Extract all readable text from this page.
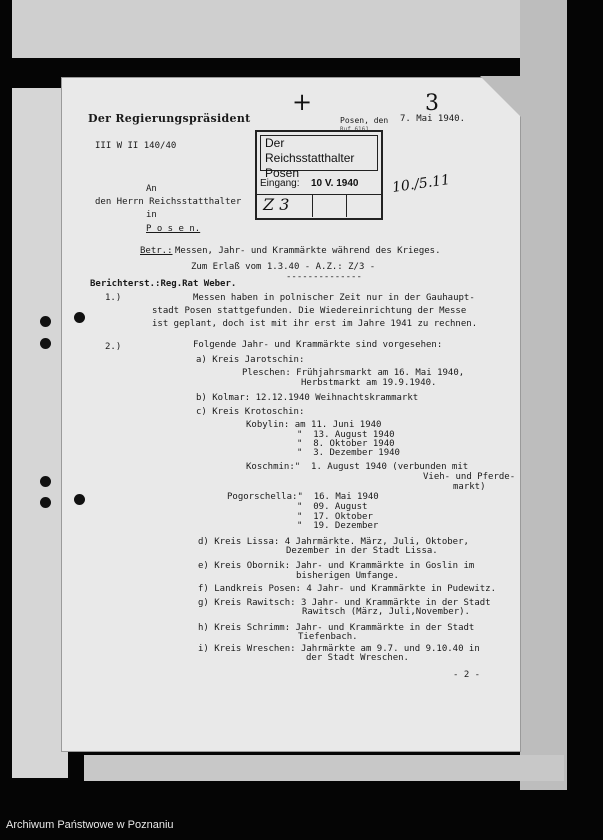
Der Regierungspräsident
III W II 140/40
Posen, den
Ruf 6161
7. Mai 1940.
+	3
10./5.11
Der Reichsstatthalter
Posen
Eingang: 10 V. 1940
Z 3
An
den Herrn Reichsstatthalter
in
P o s e n.
Betr.: Messen, Jahr- und Krammärkte während des Krieges.
Zum Erlaß vom 1.3.40 - A.Z.: Z/3 -
--------------
Berichterst.:Reg.Rat Weber.
1.)	Messen haben in polnischer Zeit nur in der Gauhaupt-
stadt Posen stattgefunden. Die Wiedereinrichtung der Messe
ist geplant, doch ist mit ihr erst im Jahre 1941 zu rechnen.
2.)	Folgende Jahr- und Krammärkte sind vorgesehen:
a) Kreis Jarotschin:
Pleschen: Frühjahrsmarkt am 16. Mai 1940,
Herbstmarkt am 19.9.1940.
b) Kolmar: 12.12.1940 Weihnachtskrammarkt
c) Kreis Krotoschin:
Kobylin: am 11. Juni 1940
"  13. August 1940
"  8. Oktober 1940
"  3. Dezember 1940
Koschmin:"  1. August 1940 (verbunden mit
Vieh- und Pferde-
markt)
Pogorschella:"  16. Mai 1940
"  09. August
"  17. Oktober
"  19. Dezember
d) Kreis Lissa: 4 Jahrmärkte. März, Juli, Oktober,
Dezember in der Stadt Lissa.
e) Kreis Obornik: Jahr- und Krammärkte in Goslin im
bisherigen Umfange.
f) Landkreis Posen: 4 Jahr- und Krammärkte in Pudewitz.
g) Kreis Rawitsch: 3 Jahr- und Krammärkte in der Stadt
Rawitsch (März, Juli,November).
h) Kreis Schrimm: Jahr- und Krammärkte in der Stadt
Tiefenbach.
i) Kreis Wreschen: Jahrmärkte am 9.7. und 9.10.40 in
der Stadt Wreschen.
- 2 -
Archiwum Państwowe w Poznaniu
